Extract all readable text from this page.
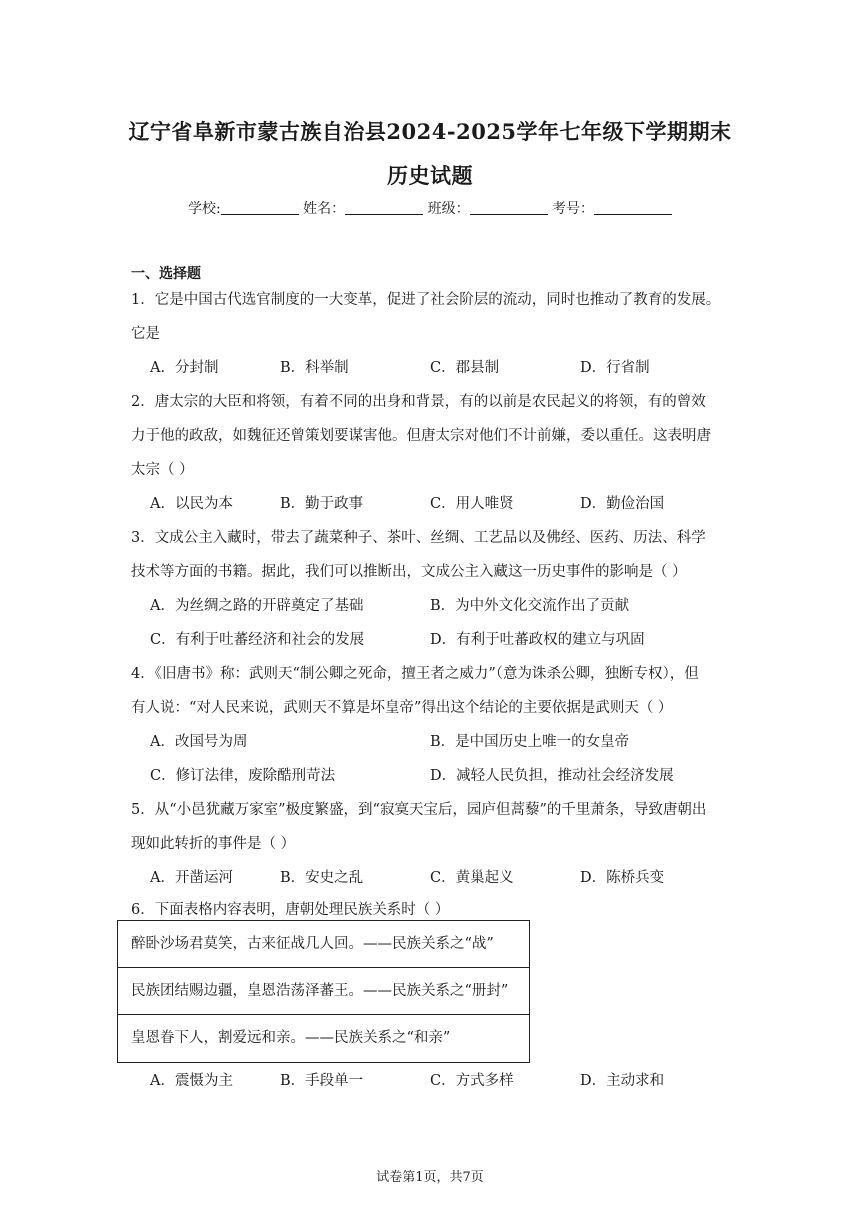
辽宁省阜新市蒙古族自治县2024-2025学年七年级下学期期末
历史试题
学校:	姓名：	班级：	考号：
一、选择题
1．它是中国古代选官制度的一大变革，促进了社会阶层的流动，同时也推动了教育的发展。
它是
A．分封制	B．科举制	C．郡县制	D．行省制
2．唐太宗的大臣和将领，有着不同的出身和背景，有的以前是农民起义的将领，有的曾效
力于他的政敌，如魏征还曾策划要谋害他。但唐太宗对他们不计前嫌，委以重任。这表明唐
太宗（ ）
A．以民为本	B．勤于政事	C．用人唯贤	D．勤俭治国
3．文成公主入藏时，带去了蔬菜种子、茶叶、丝绸、工艺品以及佛经、医药、历法、科学
技术等方面的书籍。据此，我们可以推断出，文成公主入藏这一历史事件的影响是（ ）
A．为丝绸之路的开辟奠定了基础	B．为中外文化交流作出了贡献
C．有利于吐蕃经济和社会的发展	D．有利于吐蕃政权的建立与巩固
4．《旧唐书》称：武则天“制公卿之死命，擅王者之威力”（意为诛杀公卿，独断专权），但
有人说：“对人民来说，武则天不算是坏皇帝”得出这个结论的主要依据是武则天（ ）
A．改国号为周	B．是中国历史上唯一的女皇帝
C．修订法律，废除酷刑苛法	D．减轻人民负担，推动社会经济发展
5．从“小邑犹藏万家室”极度繁盛，到“寂寞天宝后，园庐但蒿藜”的千里萧条，导致唐朝出
现如此转折的事件是（ ）
A．开凿运河	B．安史之乱	C．黄巢起义	D．陈桥兵变
6．下面表格内容表明，唐朝处理民族关系时（ ）
醉卧沙场君莫笑，古来征战几人回。——民族关系之“战”
民族团结赐边疆，皇恩浩荡泽蕃王。——民族关系之“册封”
皇恩眷下人，割爱远和亲。——民族关系之“和亲”
A．震慑为主	B．手段单一	C．方式多样	D．主动求和
试卷第1页，共7页
